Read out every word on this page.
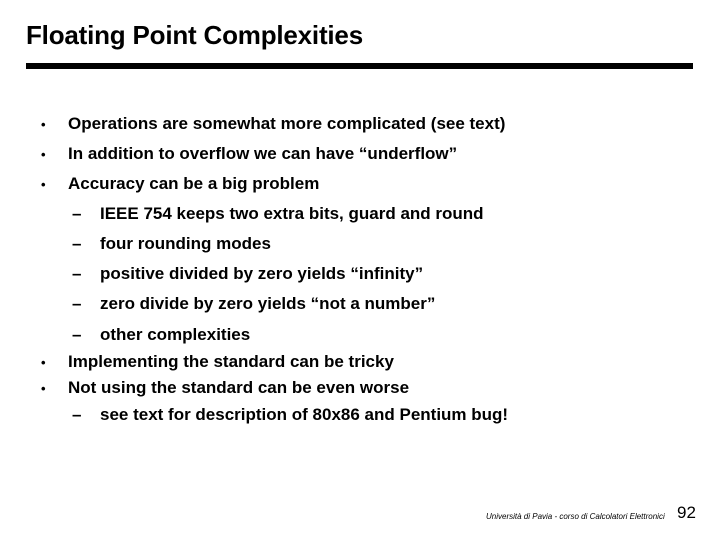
Floating Point Complexities
• Operations are somewhat more complicated (see text)
• In addition to overflow we can have “underflow”
• Accuracy can be a big problem
– IEEE 754 keeps two extra bits, guard and round
– four rounding modes
– positive divided by zero yields “infinity”
– zero divide by zero yields “not a number”
– other complexities
• Implementing the standard can be tricky
• Not using the standard can be even worse
– see text for description of 80x86 and Pentium bug!
Università di Pavia - corso di Calcolatori Elettronici 92
